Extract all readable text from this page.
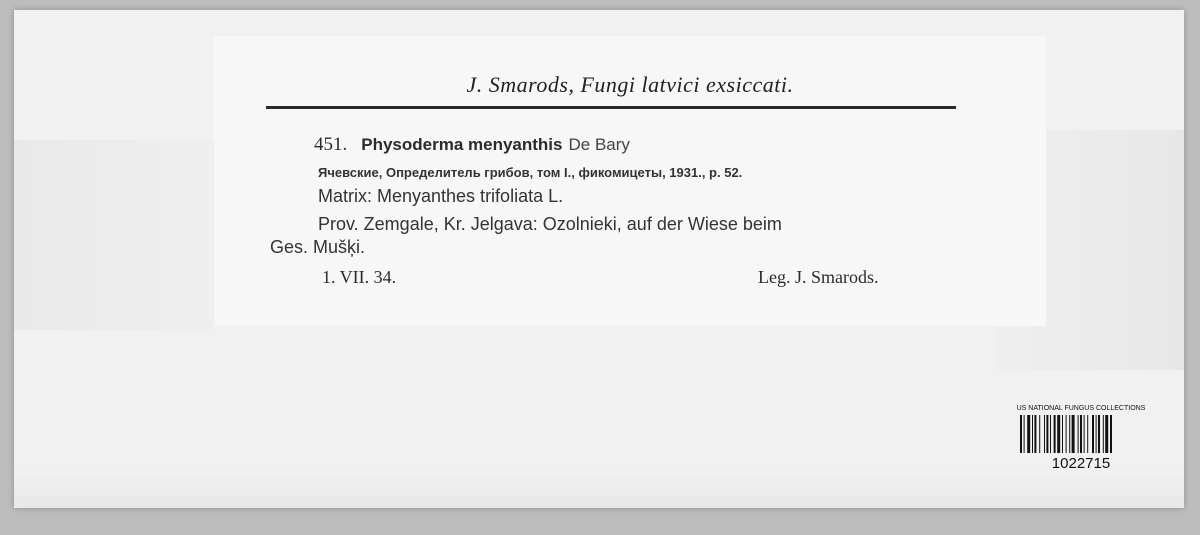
J. Smarods, Fungi latvici exsiccati.
451. Physoderma menyanthis De Bary
Ячевские, Определитель грибов, том I., фикомицеты, 1931., p. 52.
Matrix: Menyanthes trifoliata L.
Prov. Zemgale, Kr. Jelgava: Ozolnieki, auf der Wiese beim
Ges. Mušķi.
1. VII. 34.	Leg. J. Smarods.
US NATIONAL FUNGUS COLLECTIONS
1022715
